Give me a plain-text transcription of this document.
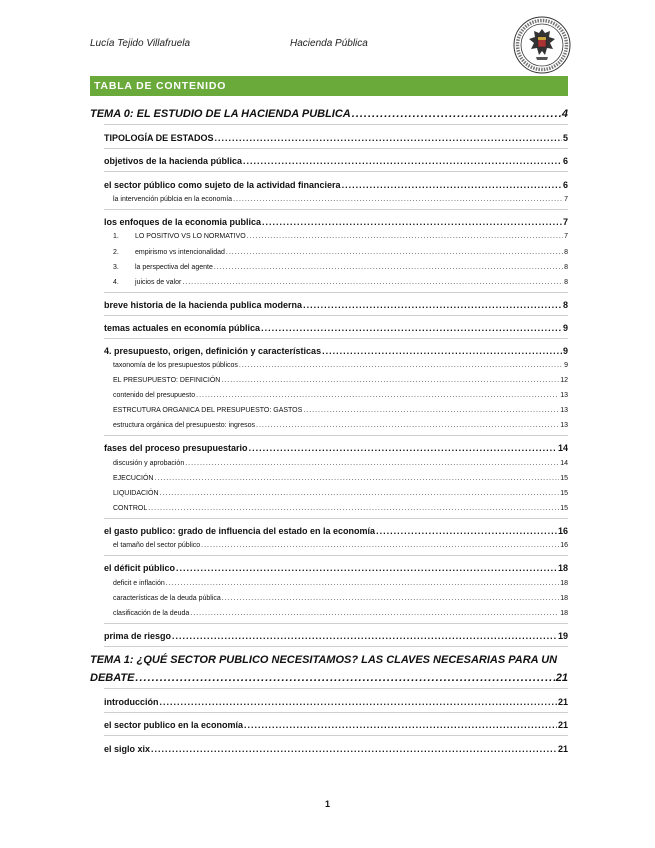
Lucía Tejido Villafruela	Hacienda Pública
TABLA DE CONTENIDO
TEMA 0: EL ESTUDIO DE LA HACIENDA PUBLICA .....	4
TIPOLOGÍA DE ESTADOS .....	5
objetivos de la hacienda pública .....	6
el sector público como sujeto de la actividad financiera .....	6
la intervención públcia en la economía .....	7
los enfoques de la economia publica .....	7
1. LO POSITIVO VS LO NORMATIVO .....	7
2. empirismo vs intencionalidad .....	8
3. la perspectiva del agente .....	8
4. juicios de valor .....	8
breve historia de la hacienda publica moderna .....	8
temas actuales en economía pública .....	9
4. presupuesto, origen, definición y características .....	9
taxonomía de los presupuestos públicos .....	9
EL PRESUPUESTO: DEFINICIÓN .....	12
contenido del presupuesto .....	13
ESTRCUTURA ORGANICA DEL PRESUPUESTO: GASTOS .....	13
estructura orgánica del presupuesto: ingresos .....	13
fases del proceso presupuestario .....	14
discusión y aprobación .....	14
EJECUCIÓN .....	15
LIQUIDACIÓN .....	15
CONTROL .....	15
el gasto publico: grado de influencia del estado en la economía .....	16
el tamaño del sector público .....	16
el déficit público .....	18
deficit e inflación .....	18
características de la deuda pública .....	18
clasificación de la deuda .....	18
prima de riesgo .....	19
TEMA 1: ¿QUÉ SECTOR PUBLICO NECESITAMOS? LAS CLAVES NECESARIAS PARA UN
DEBATE .....	21
introducción .....	21
el sector publico en la economía .....	21
el siglo xix .....	21
1
